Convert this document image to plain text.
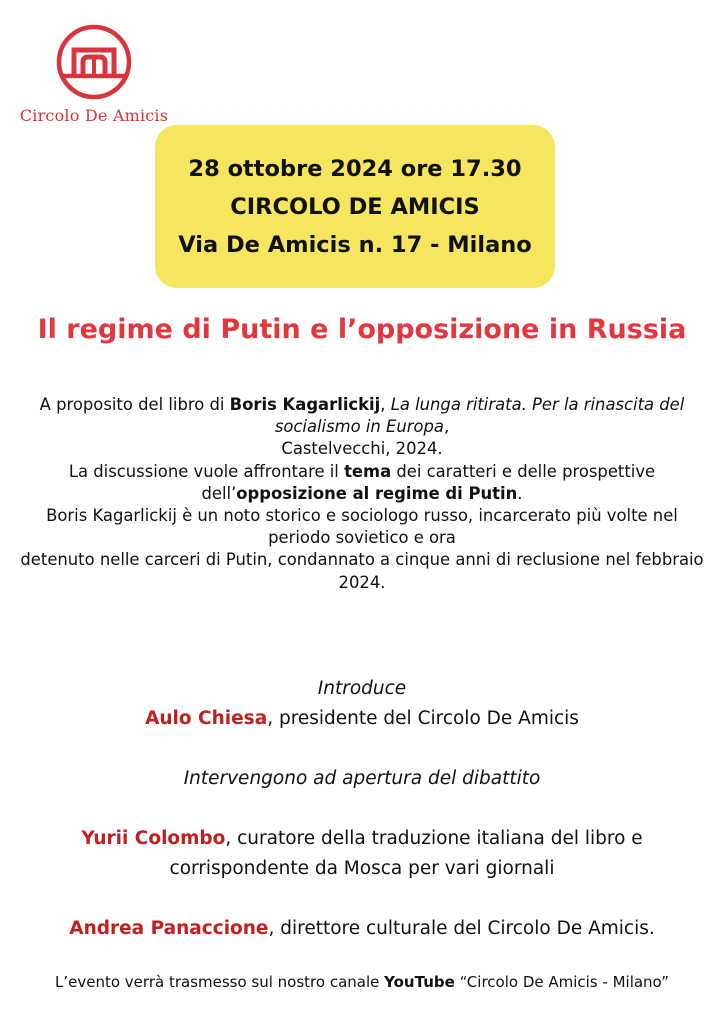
Circolo De Amicis
28 ottobre 2024 ore 17.30
CIRCOLO DE AMICIS
Via De Amicis n. 17 - Milano
Il regime di Putin e l’opposizione in Russia
A proposito del libro di Boris Kagarlickij, La lunga ritirata. Per la rinascita del socialismo in Europa,
Castelvecchi, 2024.
La discussione vuole affrontare il tema dei caratteri e delle prospettive
dell’opposizione al regime di Putin.
Boris Kagarlickij è un noto storico e sociologo russo, incarcerato più volte nel periodo sovietico e ora
detenuto nelle carceri di Putin, condannato a cinque anni di reclusione nel febbraio 2024.

Introduce

Aulo Chiesa, presidente del Circolo De Amicis

Intervengono ad apertura del dibattito

Yurii Colombo, curatore della traduzione italiana del libro e corrispondente da Mosca per vari giornali

Andrea Panaccione, direttore culturale del Circolo De Amicis.

L’evento verrà trasmesso sul nostro canale YouTube “Circolo De Amicis - Milano”
